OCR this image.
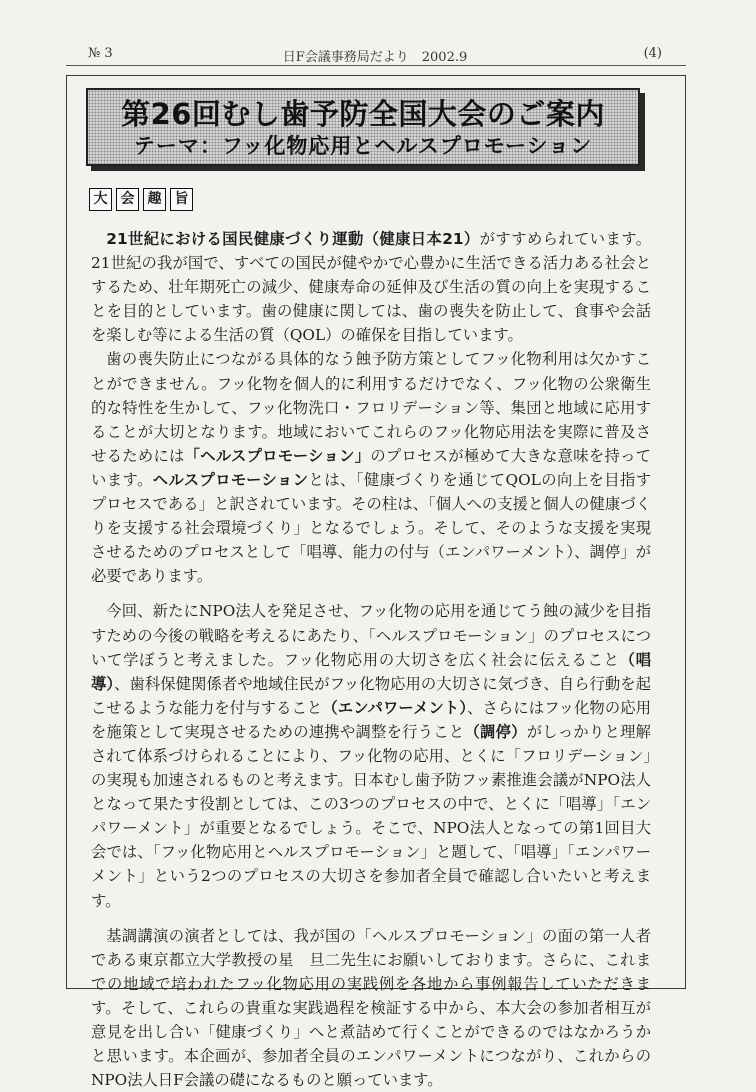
№ 3	日F会議事務局だより　2002.9	(4)
第26回むし歯予防全国大会のご案内
テーマ：フッ化物応用とヘルスプロモーション
大 会 趣 旨

21世紀における国民健康づくり運動（健康日本21）がすすめられています。21世紀の我が国で、すべての国民が健やかで心豊かに生活できる活力ある社会とするため、壮年期死亡の減少、健康寿命の延伸及び生活の質の向上を実現することを目的としています。歯の健康に関しては、歯の喪失を防止して、食事や会話を楽しむ等による生活の質（QOL）の確保を目指しています。

歯の喪失防止につながる具体的なう蝕予防方策としてフッ化物利用は欠かすことができません。フッ化物を個人的に利用するだけでなく、フッ化物の公衆衛生的な特性を生かして、フッ化物洗口・フロリデーション等、集団と地域に応用することが大切となります。地域においてこれらのフッ化物応用法を実際に普及させるためには「ヘルスプロモーション」のプロセスが極めて大きな意味を持っています。ヘルスプロモーションとは、「健康づくりを通じてQOLの向上を目指すプロセスである」と訳されています。その柱は、「個人への支援と個人の健康づくりを支援する社会環境づくり」となるでしょう。そして、そのような支援を実現させるためのプロセスとして「唱導、能力の付与（エンパワーメント）、調停」が必要であります。

今回、新たにNPO法人を発足させ、フッ化物の応用を通じてう蝕の減少を目指すための今後の戦略を考えるにあたり、「ヘルスプロモーション」のプロセスについて学ぼうと考えました。フッ化物応用の大切さを広く社会に伝えること（唱導）、歯科保健関係者や地域住民がフッ化物応用の大切さに気づき、自ら行動を起こせるような能力を付与すること（エンパワーメント）、さらにはフッ化物の応用を施策として実現させるための連携や調整を行うこと（調停）がしっかりと理解されて体系づけられることにより、フッ化物の応用、とくに「フロリデーション」の実現も加速されるものと考えます。日本むし歯予防フッ素推進会議がNPO法人となって果たす役割としては、この3つのプロセスの中で、とくに「唱導」「エンパワーメント」が重要となるでしょう。そこで、NPO法人となっての第1回目大会では、「フッ化物応用とヘルスプロモーション」と題して、「唱導」「エンパワーメント」という2つのプロセスの大切さを参加者全員で確認し合いたいと考えます。

基調講演の演者としては、我が国の「ヘルスプロモーション」の面の第一人者である東京都立大学教授の星　旦二先生にお願いしております。さらに、これまでの地域で培われたフッ化物応用の実践例を各地から事例報告していただきます。そして、これらの貴重な実践過程を検証する中から、本大会の参加者相互が意見を出し合い「健康づくり」へと煮詰めて行くことができるのではなかろうかと思います。本企画が、参加者全員のエンパワーメントにつながり、これからのNPO法人日F会議の礎になるものと願っています。
